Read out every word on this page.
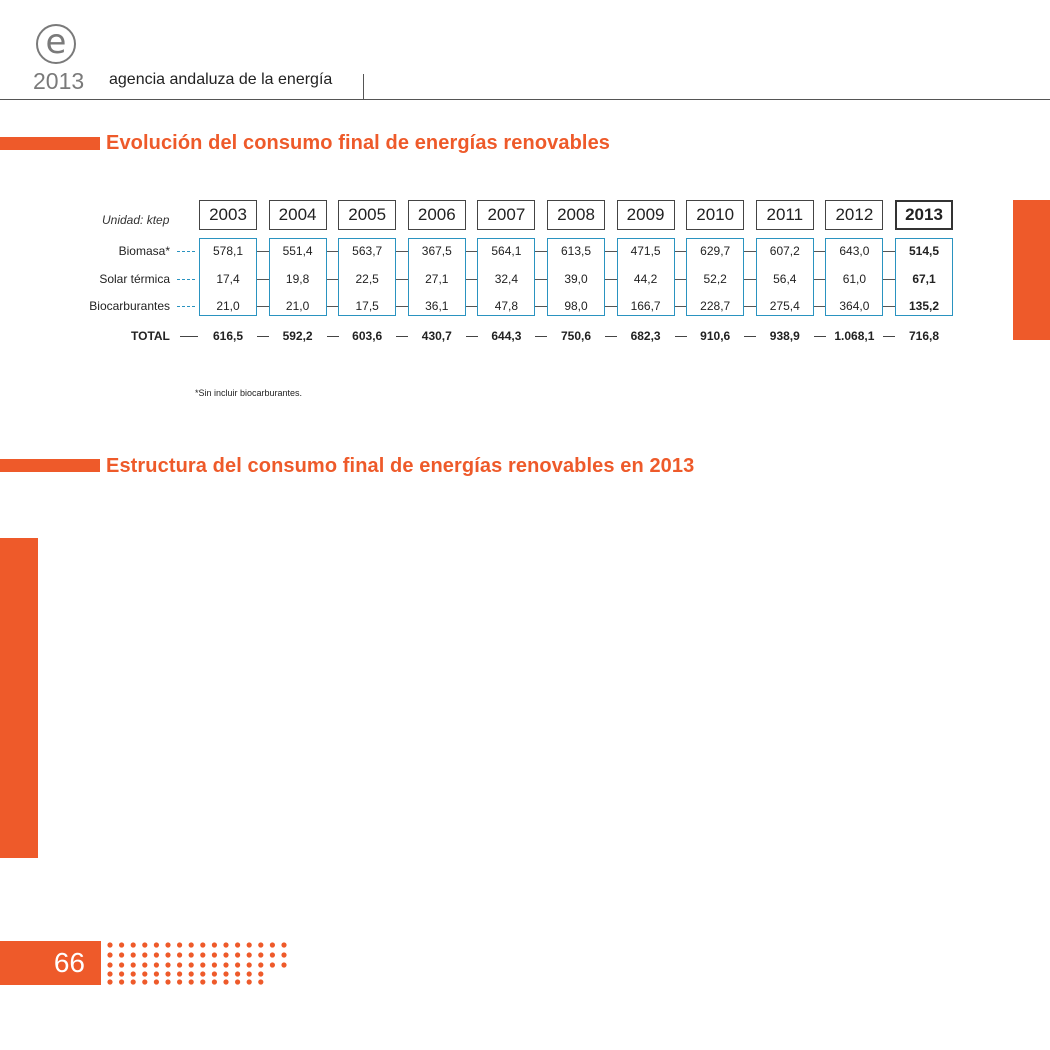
e
2013 agencia andaluza de la energía
Evolución del consumo final de energías renovables
Unidad: ktep	2003
578,1
17,4
21,0
616,5
2004
551,4
19,8
21,0
592,2
2005
563,7
22,5
17,5
603,6
2006
367,5
27,1
36,1
430,7
2007
564,1
32,4
47,8
644,3
2008
613,5
39,0
98,0
750,6
2009
471,5
44,2
166,7
682,3
2010
629,7
52,2
228,7
910,6
2011
607,2
56,4
275,4
938,9
2012
643,0
61,0
364,0
1.068,1
2013
514,5
67,1
135,2
716,8
Biomasa*
Solar térmica
Biocarburantes
TOTAL
*Sin incluir biocarburantes.
Estructura del consumo final de energías renovables en 2013
66
